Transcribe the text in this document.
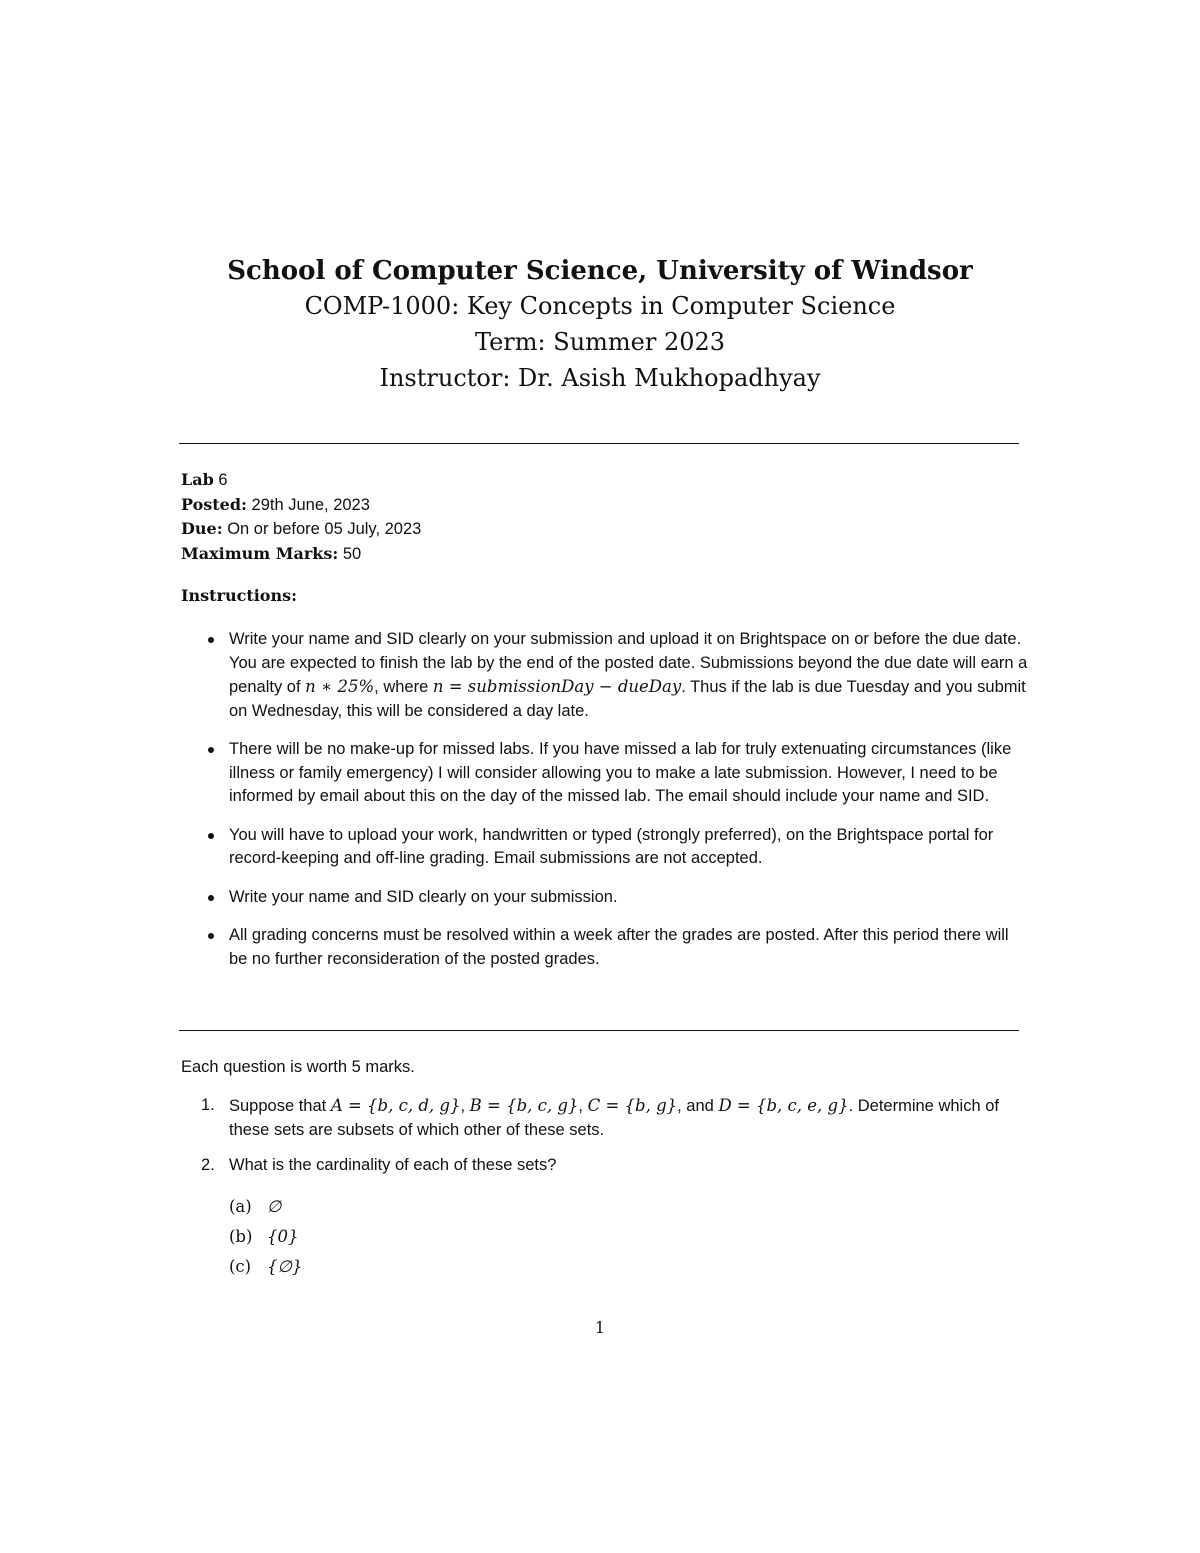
School of Computer Science, University of Windsor
COMP-1000: Key Concepts in Computer Science
Term: Summer 2023
Instructor: Dr. Asish Mukhopadhyay
Lab 6
Posted: 29th June, 2023
Due: On or before 05 July, 2023
Maximum Marks: 50
Instructions:
Write your name and SID clearly on your submission and upload it on Brightspace on or before the due date. You are expected to finish the lab by the end of the posted date. Submissions beyond the due date will earn a penalty of n ∗ 25%, where n = submissionDay − dueDay. Thus if the lab is due Tuesday and you submit on Wednesday, this will be considered a day late.
There will be no make-up for missed labs. If you have missed a lab for truly extenuating circumstances (like illness or family emergency) I will consider allowing you to make a late submission. However, I need to be informed by email about this on the day of the missed lab. The email should include your name and SID.
You will have to upload your work, handwritten or typed (strongly preferred), on the Brightspace portal for record-keeping and off-line grading. Email submissions are not accepted.
Write your name and SID clearly on your submission.
All grading concerns must be resolved within a week after the grades are posted. After this period there will be no further reconsideration of the posted grades.
Each question is worth 5 marks.
1. Suppose that A = {b, c, d, g}, B = {b, c, g}, C = {b, g}, and D = {b, c, e, g}. Determine which of these sets are subsets of which other of these sets.
2. What is the cardinality of each of these sets?
(a) ∅
(b) {0}
(c) {∅}
1
